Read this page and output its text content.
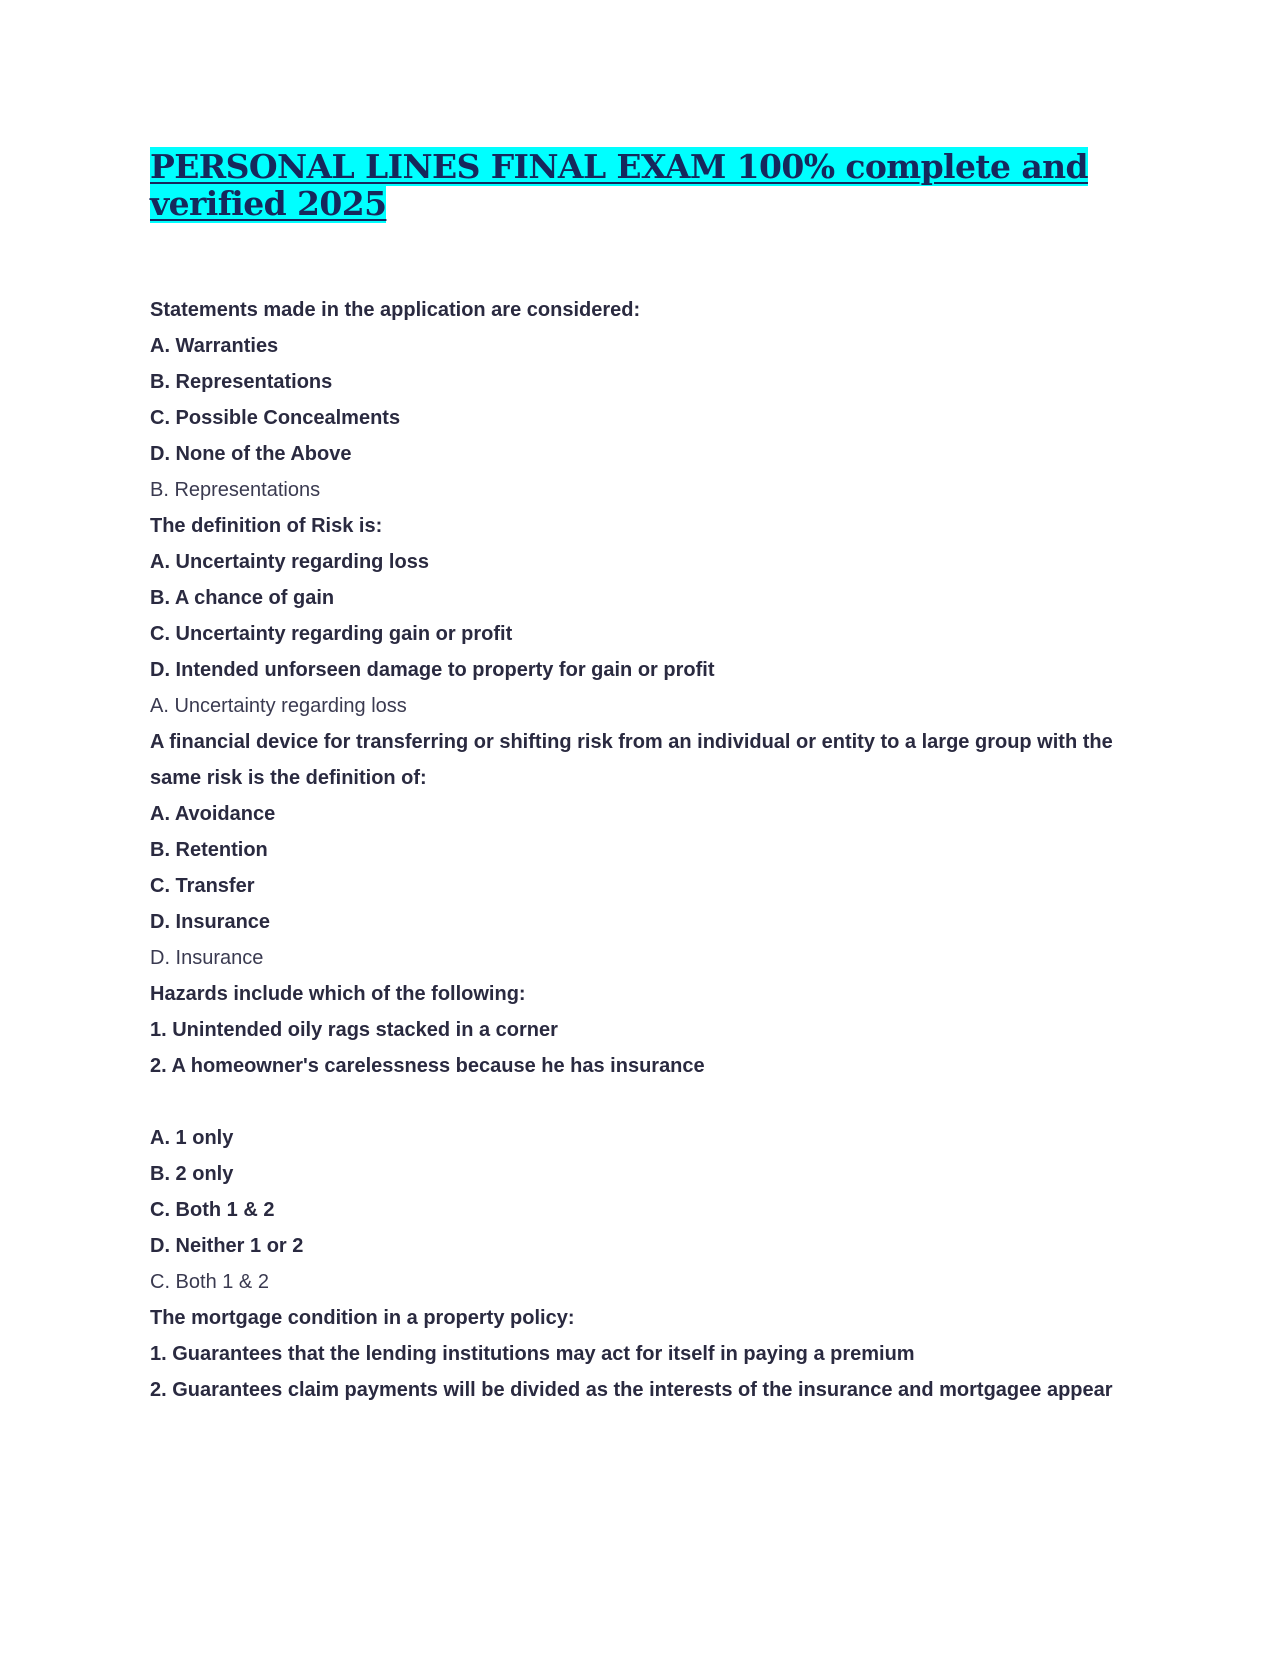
PERSONAL LINES FINAL EXAM 100% complete and verified 2025
Statements made in the application are considered:
A. Warranties
B. Representations
C. Possible Concealments
D. None of the Above
B. Representations
The definition of Risk is:
A. Uncertainty regarding loss
B. A chance of gain
C. Uncertainty regarding gain or profit
D. Intended unforseen damage to property for gain or profit
A. Uncertainty regarding loss
A financial device for transferring or shifting risk from an individual or entity to a large group with the same risk is the definition of:
A. Avoidance
B. Retention
C. Transfer
D. Insurance
D. Insurance
Hazards include which of the following:
1. Unintended oily rags stacked in a corner
2. A homeowner's carelessness because he has insurance
A. 1 only
B. 2 only
C. Both 1 & 2
D. Neither 1 or 2
C. Both 1 & 2
The mortgage condition in a property policy:
1. Guarantees that the lending institutions may act for itself in paying a premium
2. Guarantees claim payments will be divided as the interests of the insurance and mortgagee appear
